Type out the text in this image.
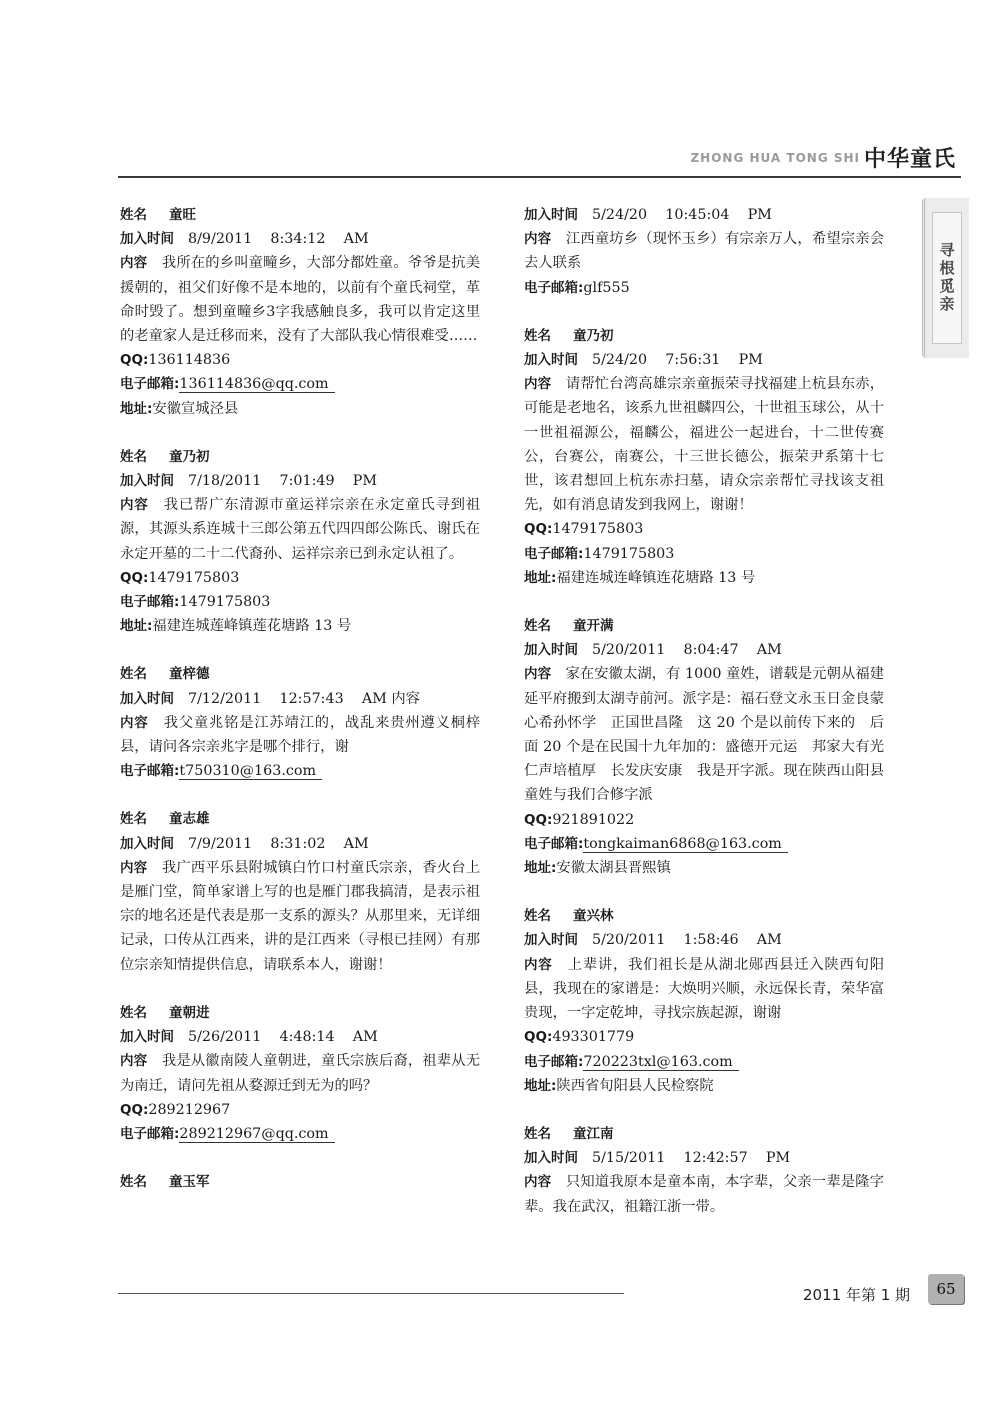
ZHONG HUA TONG SHI 中华童氏
寻根觅亲
姓名 童旺
加入时间 8/9/2011    8:34:12    AM
内容　 我所在的乡叫童疃乡，大部分都姓童。爷爷是抗美援朝的，祖父们好像不是本地的，以前有个童氏祠堂，革命时毁了。想到童疃乡3字我感触良多，我可以肯定这里的老童家人是迁移而来，没有了大部队我心情很难受……
QQ:136114836
电子邮箱:136114836@qq.com
地址:安徽宣城泾县
姓名 童乃初
加入时间 7/18/2011    7:01:49    PM
内容　 我已帮广东清源市童运祥宗亲在永定童氏寻到祖源，其源头系连城十三郎公第五代四四郎公陈氏、谢氏在永定开墓的二十二代裔孙、运祥宗亲已到永定认祖了。
QQ:1479175803
电子邮箱:1479175803
地址:福建连城莲峰镇莲花塘路 13 号
姓名 童梓德
加入时间 7/12/2011    12:57:43    AM 内容
内容　 我父童兆铭是江苏靖江的，战乱来贵州遵义桐梓县，请问各宗亲兆字是哪个排行，谢
电子邮箱:t750310@163.com
姓名 童志雄
加入时间 7/9/2011    8:31:02    AM
内容　 我广西平乐县附城镇白竹口村童氏宗亲，香火台上是雁门堂，简单家谱上写的也是雁门郡我搞清，是表示祖宗的地名还是代表是那一支系的源头？从那里来，无详细记录，口传从江西来，讲的是江西来（寻根已挂网）有那位宗亲知情提供信息，请联系本人，谢谢！
姓名 童朝进
加入时间 5/26/2011    4:48:14    AM
内容　 我是从徽南陵人童朝进，童氏宗族后裔，祖辈从无为南迁，请问先祖从婺源迁到无为的吗？
QQ:289212967
电子邮箱:289212967@qq.com
姓名 童玉军
加入时间 5/24/20    10:45:04    PM
内容　 江西童坊乡（现怀玉乡）有宗亲万人，希望宗亲会去人联系
电子邮箱:glf555
姓名 童乃初
加入时间 5/24/20    7:56:31    PM
内容　 请帮忙台湾高雄宗亲童振荣寻找福建上杭县东赤，可能是老地名，该系九世祖麟四公，十世祖玉球公，从十一世祖福源公，福麟公，福进公一起进台，十二世传赛公，台赛公，南赛公，十三世长德公，振荣尹系第十七世，该君想回上杭东赤扫墓，请众宗亲帮忙寻找该支祖先，如有消息请发到我网上，谢谢！
QQ:1479175803
电子邮箱:1479175803
地址:福建连城连峰镇连花塘路 13 号
姓名 童开满
加入时间 5/20/2011    8:04:47    AM
内容　 家在安徽太湖，有 1000 童姓，谱载是元朝从福建延平府搬到太湖寺前河。派字是：福石登文永玉日金良蒙　心希孙怀学　正国世昌隆　这 20 个是以前传下来的　后面 20 个是在民国十九年加的：盛德开元运　邦家大有光　仁声培植厚　长发庆安康　我是开字派。现在陕西山阳县童姓与我们合修字派
QQ:921891022
电子邮箱:tongkaiman6868@163.com
地址:安徽太湖县晋熙镇
姓名 童兴林
加入时间 5/20/2011    1:58:46    AM
内容　 上辈讲，我们祖长是从湖北郧西县迁入陕西旬阳县，我现在的家谱是：大焕明兴顺，永远保长青，荣华富贵现，一字定乾坤，寻找宗族起源，谢谢
QQ:493301779
电子邮箱:720223txl@163.com
地址:陕西省旬阳县人民检察院
姓名 童江南
加入时间 5/15/2011    12:42:57    PM
内容　 只知道我原本是童本南，本字辈，父亲一辈是隆字辈。我在武汉，祖籍江浙一带。
2011 年第 1 期	65
